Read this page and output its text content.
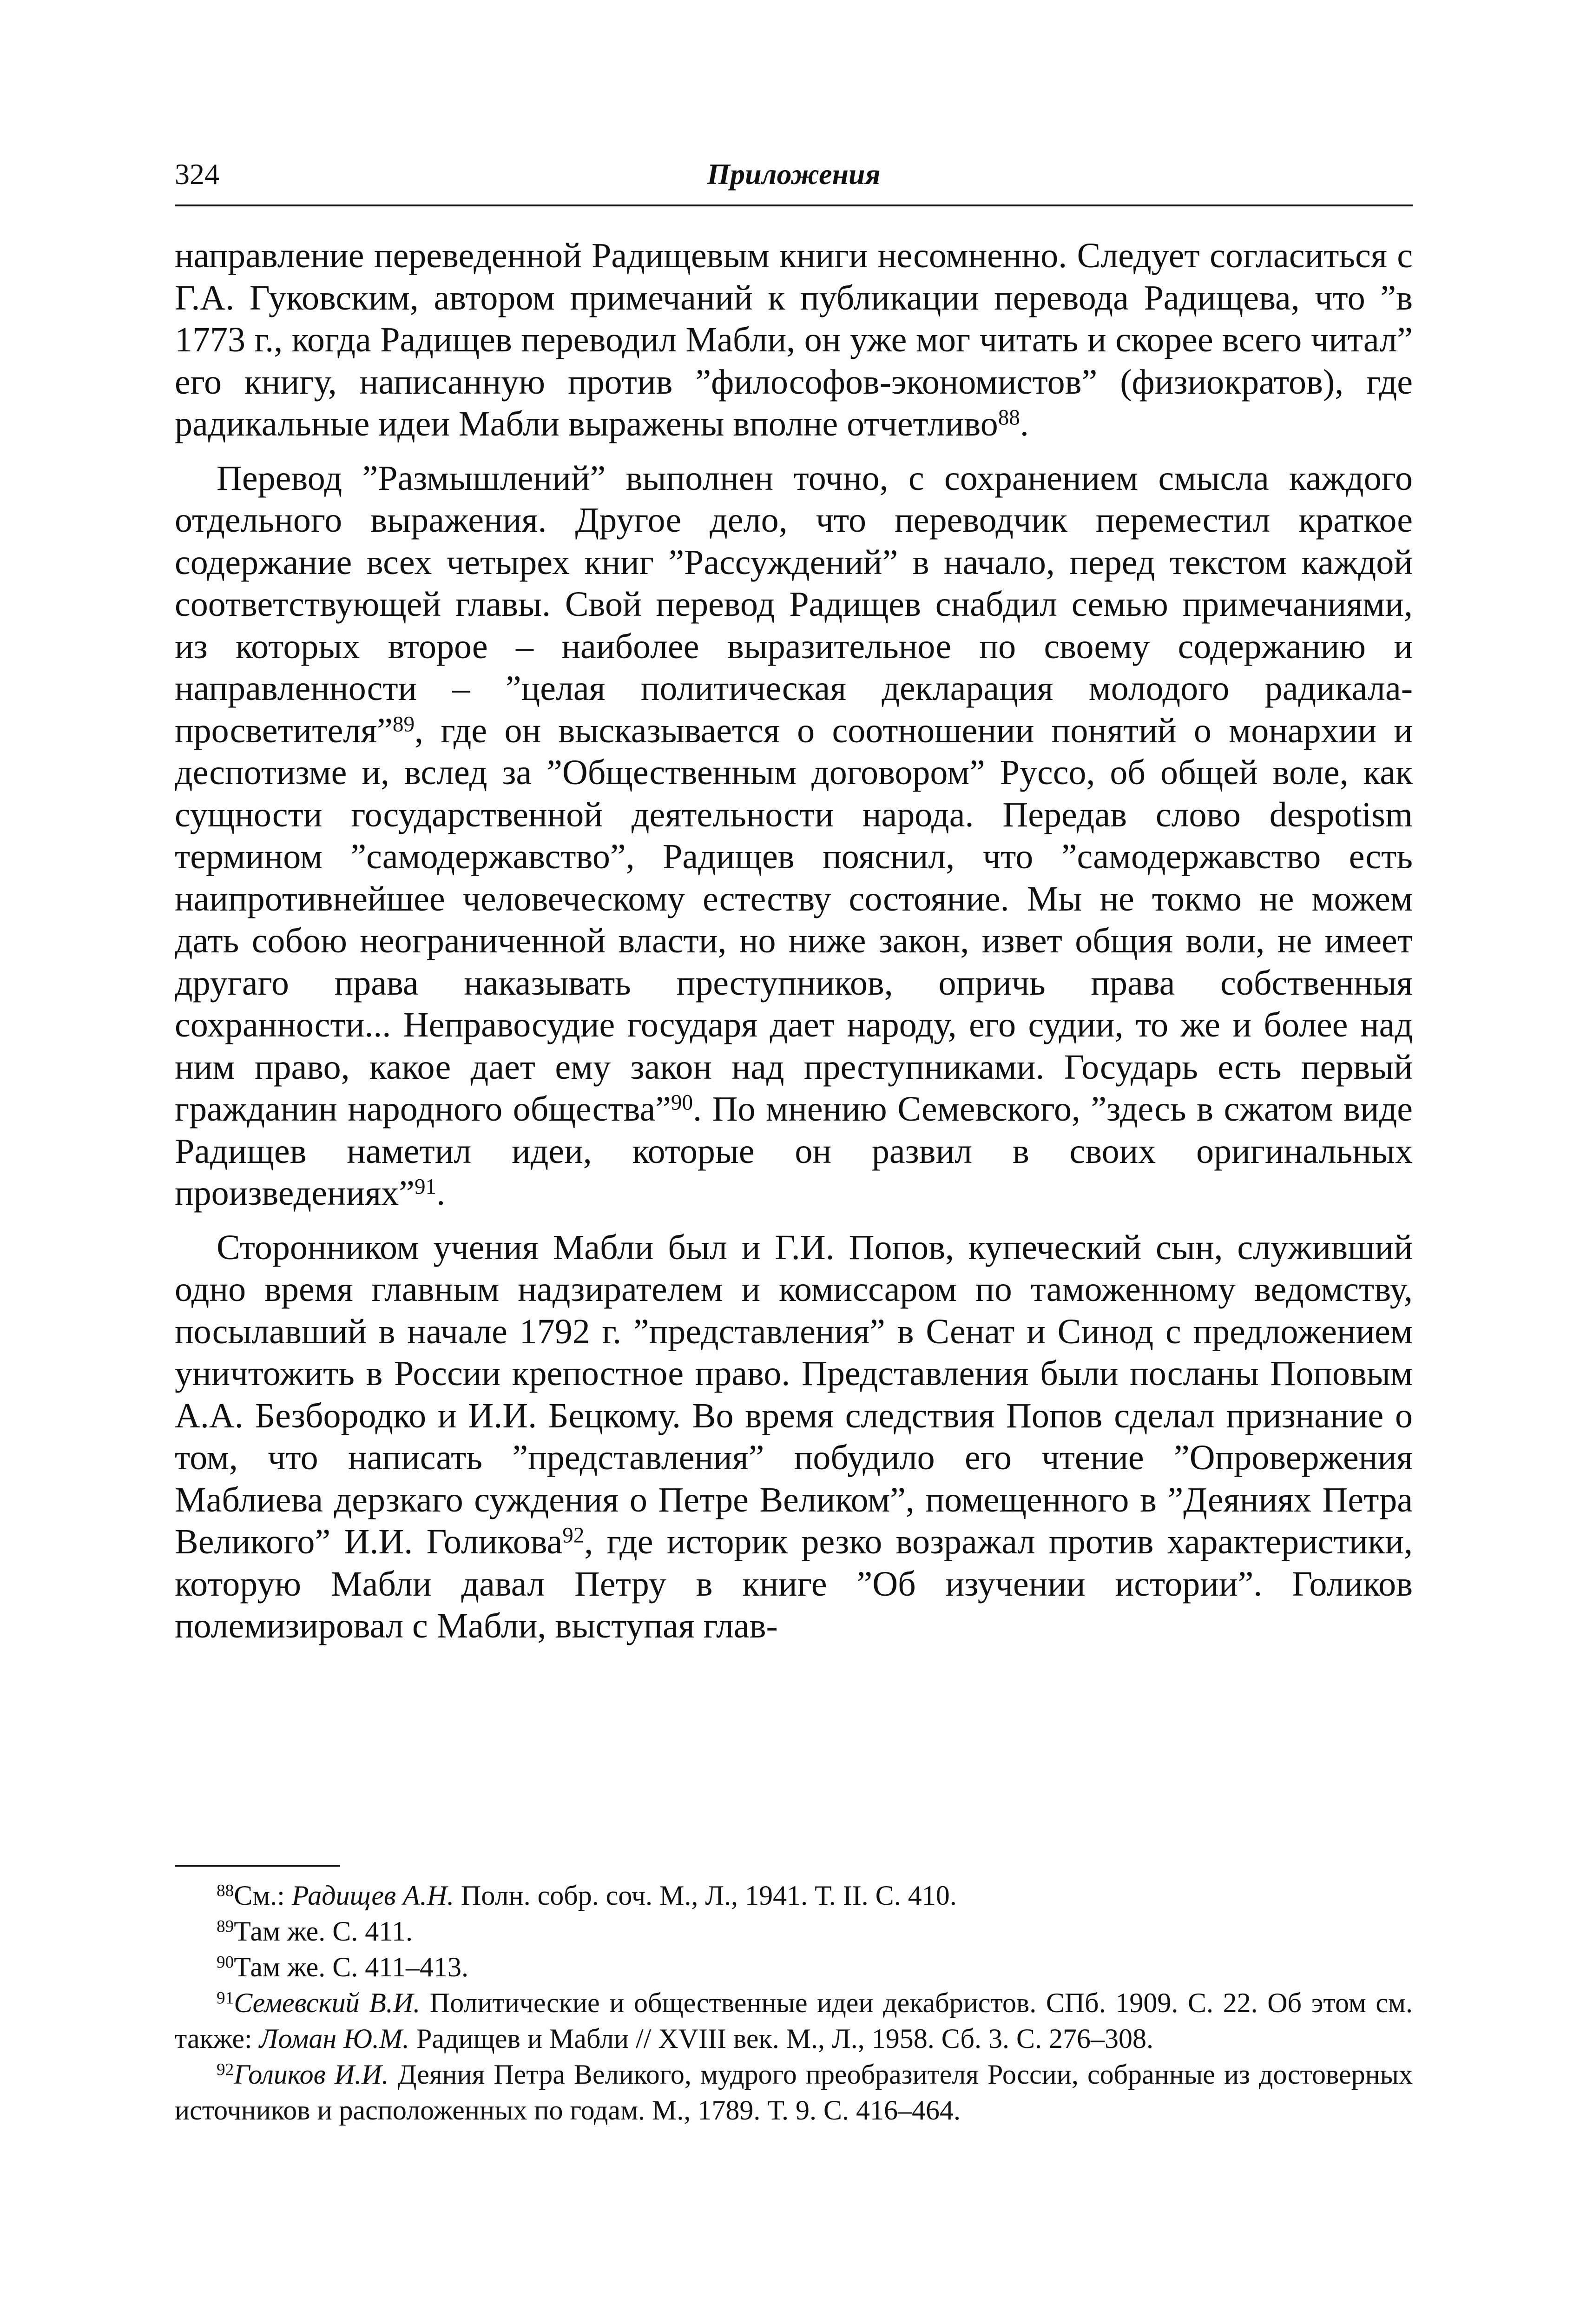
324	Приложения

направление переведенной Радищевым книги несомненно. Следует согласиться с Г.А. Гуковским, автором примечаний к публикации перевода Радищева, что ”в 1773 г., когда Радищев переводил Мабли, он уже мог читать и скорее всего читал” его книгу, написанную против ”философов-экономистов” (физиократов), где радикальные идеи Мабли выражены вполне отчетливо$^{88}$.

Перевод ”Размышлений” выполнен точно, с сохранением смысла каждого отдельного выражения. Другое дело, что переводчик переместил краткое содержание всех четырех книг ”Рассуждений” в начало, перед текстом каждой соответствующей главы. Свой перевод Радищев снабдил семью примечаниями, из которых второе – наиболее выразительное по своему содержанию и направленности – ”целая политическая декларация молодого радикала-просветителя”$^{89}$, где он высказывается о соотношении понятий о монархии и деспотизме и, вслед за ”Общественным договором” Руссо, об общей воле, как сущности государственной деятельности народа. Передав слово despotism термином ”самодержавство”, Радищев пояснил, что ”самодержавство есть наипротивнейшее человеческому естеству состояние. Мы не токмо не можем дать собою неограниченной власти, но ниже закон, извет общия воли, не имеет другаго права наказывать преступников, опричь права собственныя сохранности... Неправосудие государя дает народу, его судии, то же и более над ним право, какое дает ему закон над преступниками. Государь есть первый гражданин народного общества”$^{90}$. По мнению Семевского, ”здесь в сжатом виде Радищев наметил идеи, которые он развил в своих оригинальных произведениях”$^{91}$.

Сторонником учения Мабли был и Г.И. Попов, купеческий сын, служивший одно время главным надзирателем и комиссаром по таможенному ведомству, посылавший в начале 1792 г. ”представления” в Сенат и Синод с предложением уничтожить в России крепостное право. Представления были посланы Поповым А.А. Безбородко и И.И. Бецкому. Во время следствия Попов сделал признание о том, что написать ”представления” побудило его чтение ”Опровержения Маблиева дерзкаго суждения о Петре Великом”, помещенного в ”Деяниях Петра Великого” И.И. Голикова$^{92}$, где историк резко возражал против характеристики, которую Мабли давал Петру в книге ”Об изучении истории”. Голиков полемизировал с Мабли, выступая глав-

$^{88}$См.: Радищев А.Н. Полн. собр. соч. М., Л., 1941. Т. II. С. 410.

$^{89}$Там же. С. 411.

$^{90}$Там же. С. 411–413.

$^{91}$Семевский В.И. Политические и общественные идеи декабристов. СПб. 1909. С. 22. Об этом см. также: Ломан Ю.М. Радищев и Мабли // XVIII век. М., Л., 1958. Сб. 3. С. 276–308.

$^{92}$Голиков И.И. Деяния Петра Великого, мудрого преобразителя России, собранные из достоверных источников и расположенных по годам. М., 1789. Т. 9. С. 416–464.
